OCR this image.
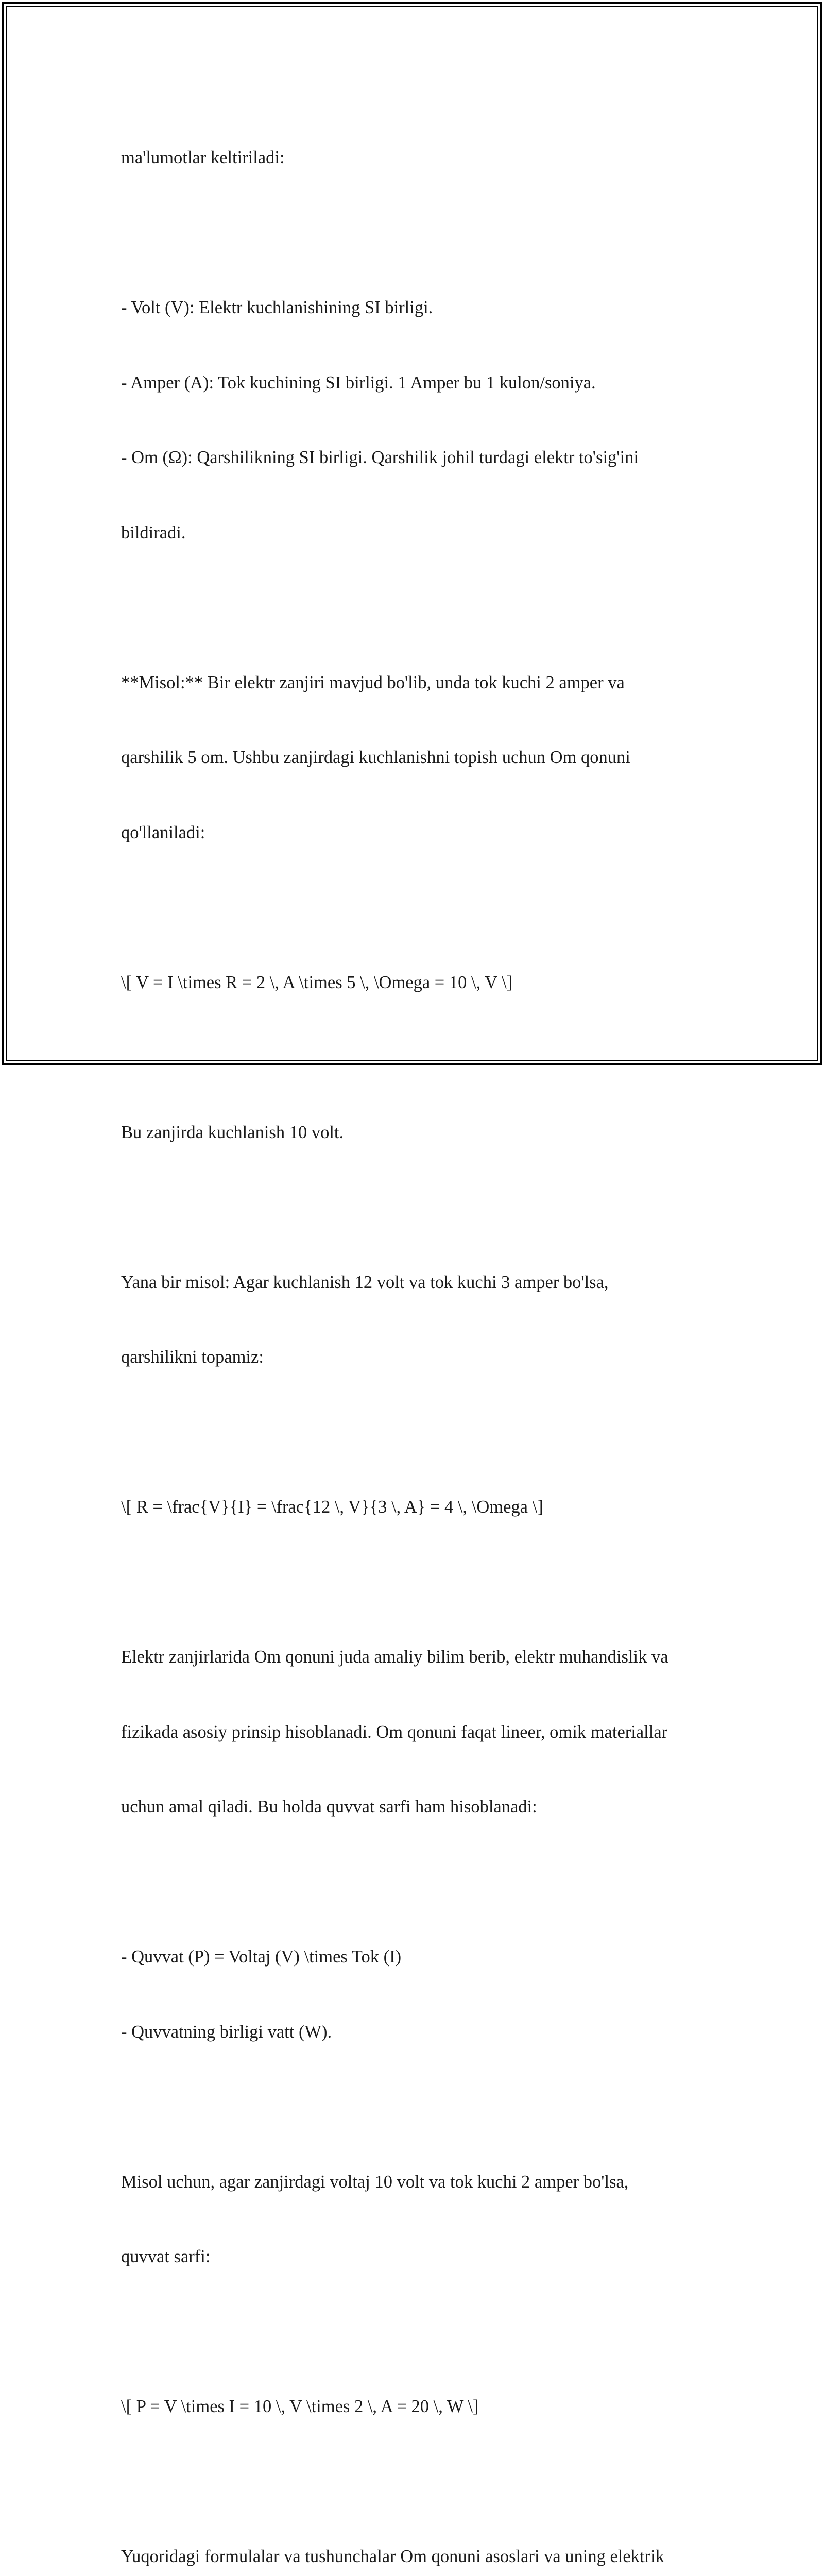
ma'lumotlar keltiriladi:

- Volt (V): Elektr kuchlanishining SI birligi.

- Amper (A): Tok kuchining SI birligi. 1 Amper bu 1 kulon/soniya.

- Om (Ω): Qarshilikning SI birligi. Qarshilik johil turdagi elektr to'sig'ini

bildiradi.

**Misol:** Bir elektr zanjiri mavjud bo'lib, unda tok kuchi 2 amper va

qarshilik 5 om. Ushbu zanjirdagi kuchlanishni topish uchun Om qonuni

qo'llaniladi:

\[ V = I \times R = 2 \, A \times 5 \, \Omega = 10 \, V \]

Bu zanjirda kuchlanish 10 volt.

Yana bir misol: Agar kuchlanish 12 volt va tok kuchi 3 amper bo'lsa,

qarshilikni topamiz:

\[ R = \frac{V}{I} = \frac{12 \, V}{3 \, A} = 4 \, \Omega \]

Elektr zanjirlarida Om qonuni juda amaliy bilim berib, elektr muhandislik va

fizikada asosiy prinsip hisoblanadi. Om qonuni faqat lineer, omik materiallar

uchun amal qiladi. Bu holda quvvat sarfi ham hisoblanadi:

- Quvvat (P) = Voltaj (V) \times Tok (I)

- Quvvatning birligi vatt (W).

Misol uchun, agar zanjirdagi voltaj 10 volt va tok kuchi 2 amper bo'lsa,

quvvat sarfi:

\[ P = V \times I = 10 \, V \times 2 \, A = 20 \, W \]

Yuqoridagi formulalar va tushunchalar Om qonuni asoslari va uning elektrik
